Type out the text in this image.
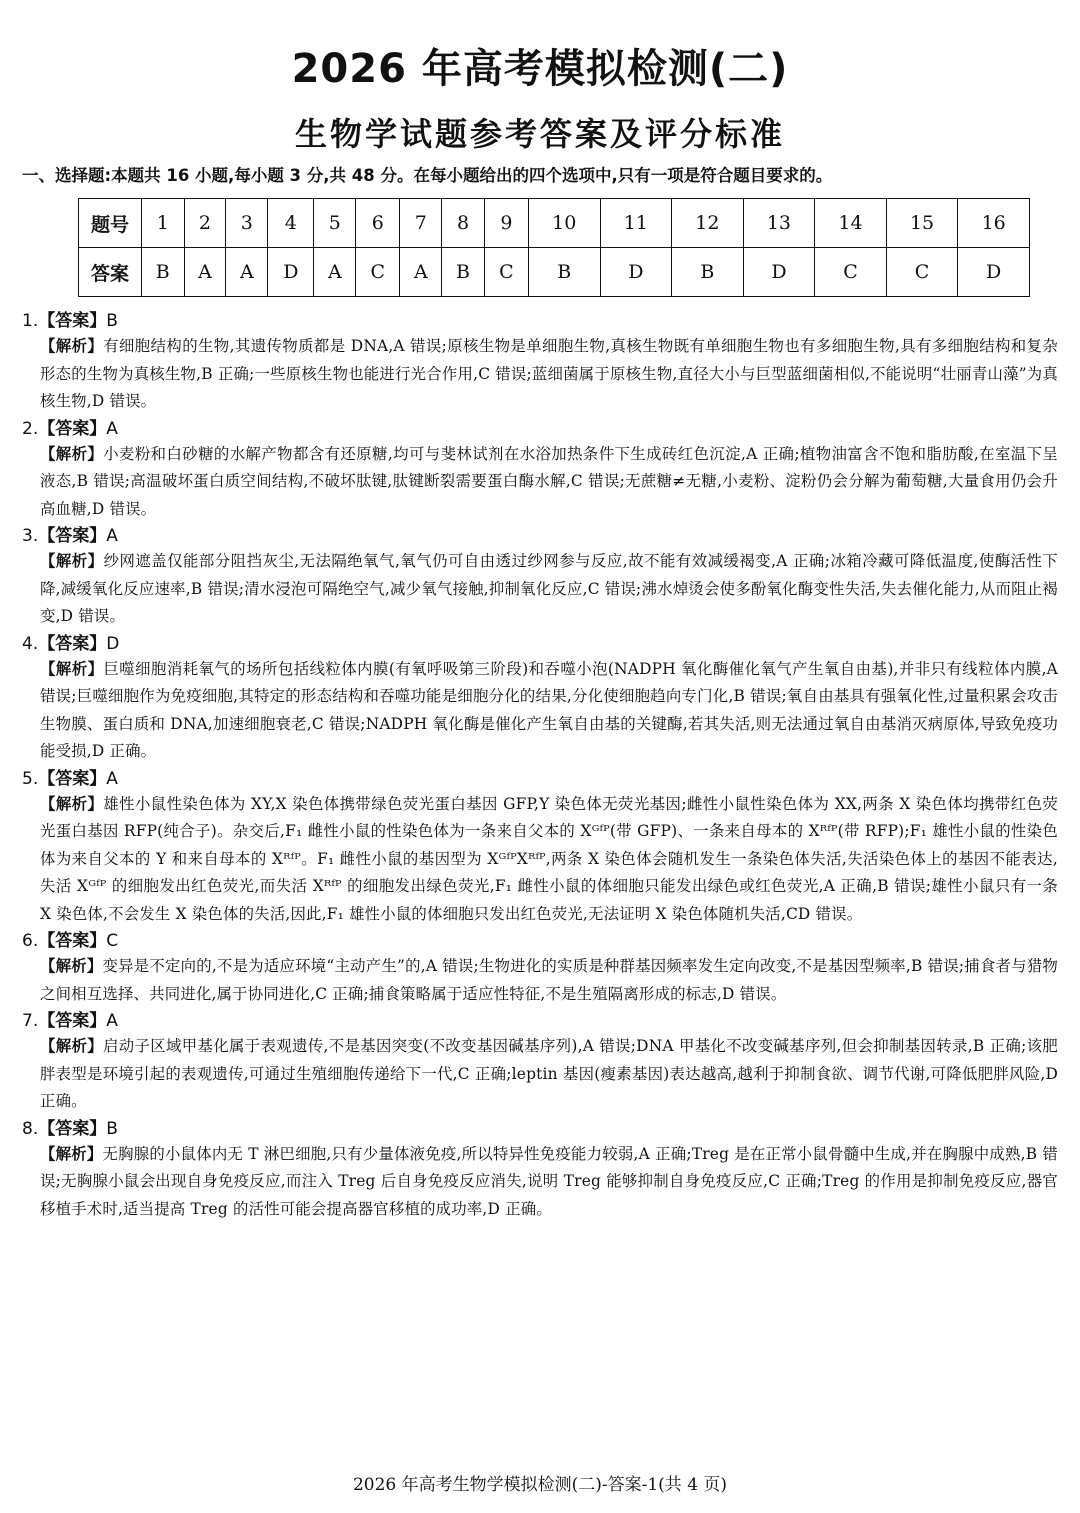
2026 年高考模拟检测(二)
生物学试题参考答案及评分标准
一、选择题:本题共 16 小题,每小题 3 分,共 48 分。在每小题给出的四个选项中,只有一项是符合题目要求的。
题号	1	2	3	4	5	6	7	8	9	10	11	12	13	14	15	16
答案	B	A	A	D	A	C	A	B	C	B	D	B	D	C	C	D
1.【答案】B
【解析】有细胞结构的生物,其遗传物质都是 DNA,A 错误;原核生物是单细胞生物,真核生物既有单细胞生物也有多细胞生物,具有多细胞结构和复杂形态的生物为真核生物,B 正确;一些原核生物也能进行光合作用,C 错误;蓝细菌属于原核生物,直径大小与巨型蓝细菌相似,不能说明“壮丽青山藻”为真核生物,D 错误。
2.【答案】A
【解析】小麦粉和白砂糖的水解产物都含有还原糖,均可与斐林试剂在水浴加热条件下生成砖红色沉淀,A 正确;植物油富含不饱和脂肪酸,在室温下呈液态,B 错误;高温破坏蛋白质空间结构,不破坏肽键,肽键断裂需要蛋白酶水解,C 错误;无蔗糖≠无糖,小麦粉、淀粉仍会分解为葡萄糖,大量食用仍会升高血糖,D 错误。
3.【答案】A
【解析】纱网遮盖仅能部分阻挡灰尘,无法隔绝氧气,氧气仍可自由透过纱网参与反应,故不能有效减缓褐变,A 正确;冰箱冷藏可降低温度,使酶活性下降,减缓氧化反应速率,B 错误;清水浸泡可隔绝空气,减少氧气接触,抑制氧化反应,C 错误;沸水焯烫会使多酚氧化酶变性失活,失去催化能力,从而阻止褐变,D 错误。
4.【答案】D
【解析】巨噬细胞消耗氧气的场所包括线粒体内膜(有氧呼吸第三阶段)和吞噬小泡(NADPH 氧化酶催化氧气产生氧自由基),并非只有线粒体内膜,A 错误;巨噬细胞作为免疫细胞,其特定的形态结构和吞噬功能是细胞分化的结果,分化使细胞趋向专门化,B 错误;氧自由基具有强氧化性,过量积累会攻击生物膜、蛋白质和 DNA,加速细胞衰老,C 错误;NADPH 氧化酶是催化产生氧自由基的关键酶,若其失活,则无法通过氧自由基消灭病原体,导致免疫功能受损,D 正确。
5.【答案】A
【解析】雄性小鼠性染色体为 XY,X 染色体携带绿色荧光蛋白基因 GFP,Y 染色体无荧光基因;雌性小鼠性染色体为 XX,两条 X 染色体均携带红色荧光蛋白基因 RFP(纯合子)。杂交后,F₁ 雌性小鼠的性染色体为一条来自父本的 Xᴳᶠᴾ(带 GFP)、一条来自母本的 Xᴿᶠᴾ(带 RFP);F₁ 雄性小鼠的性染色体为来自父本的 Y 和来自母本的 Xᴿᶠᴾ。F₁ 雌性小鼠的基因型为 XᴳᶠᴾXᴿᶠᴾ,两条 X 染色体会随机发生一条染色体失活,失活染色体上的基因不能表达,失活 Xᴳᶠᴾ 的细胞发出红色荧光,而失活 Xᴿᶠᴾ 的细胞发出绿色荧光,F₁ 雌性小鼠的体细胞只能发出绿色或红色荧光,A 正确,B 错误;雄性小鼠只有一条 X 染色体,不会发生 X 染色体的失活,因此,F₁ 雄性小鼠的体细胞只发出红色荧光,无法证明 X 染色体随机失活,CD 错误。
6.【答案】C
【解析】变异是不定向的,不是为适应环境“主动产生”的,A 错误;生物进化的实质是种群基因频率发生定向改变,不是基因型频率,B 错误;捕食者与猎物之间相互选择、共同进化,属于协同进化,C 正确;捕食策略属于适应性特征,不是生殖隔离形成的标志,D 错误。
7.【答案】A
【解析】启动子区域甲基化属于表观遗传,不是基因突变(不改变基因碱基序列),A 错误;DNA 甲基化不改变碱基序列,但会抑制基因转录,B 正确;该肥胖表型是环境引起的表观遗传,可通过生殖细胞传递给下一代,C 正确;leptin 基因(瘦素基因)表达越高,越利于抑制食欲、调节代谢,可降低肥胖风险,D 正确。
8.【答案】B
【解析】无胸腺的小鼠体内无 T 淋巴细胞,只有少量体液免疫,所以特异性免疫能力较弱,A 正确;Treg 是在正常小鼠骨髓中生成,并在胸腺中成熟,B 错误;无胸腺小鼠会出现自身免疫反应,而注入 Treg 后自身免疫反应消失,说明 Treg 能够抑制自身免疫反应,C 正确;Treg 的作用是抑制免疫反应,器官移植手术时,适当提高 Treg 的活性可能会提高器官移植的成功率,D 正确。
2026 年高考生物学模拟检测(二)-答案-1(共 4 页)
